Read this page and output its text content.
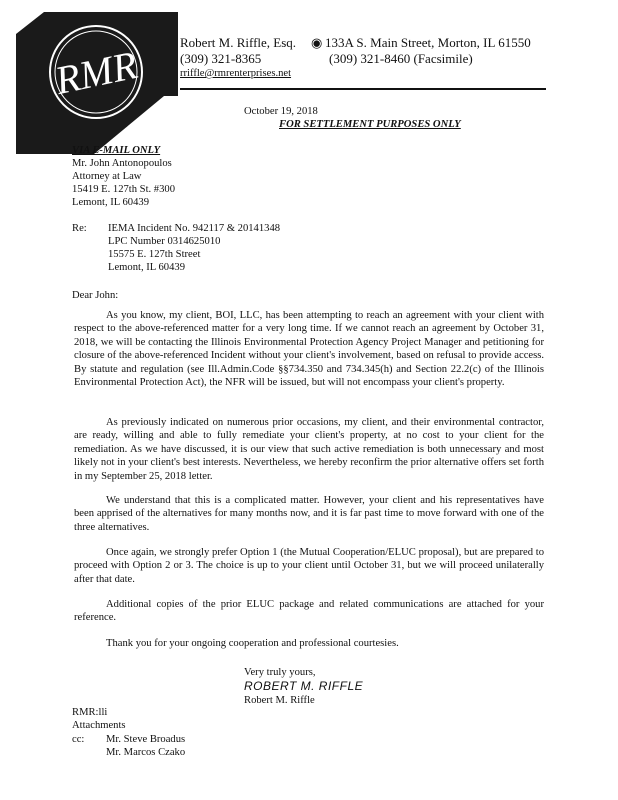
RMR	Robert M. Riffle, Esq. ◉ 133A S. Main Street, Morton, IL 61550
(309) 321-8365	(309) 321-8460 (Facsimile)
rriffle@rmrenterprises.net
October 19, 2018
FOR SETTLEMENT PURPOSES ONLY
VIA E-MAIL ONLY
Mr. John Antonopoulos
Attorney at Law
15419 E. 127th St. #300
Lemont, IL 60439
Re: IEMA Incident No. 942117 & 20141348
LPC Number 0314625010
15575 E. 127th Street
Lemont, IL 60439
Dear John:

As you know, my client, BOI, LLC, has been attempting to reach an agreement with your client with respect to the above-referenced matter for a very long time. If we cannot reach an agreement by October 31, 2018, we will be contacting the Illinois Environmental Protection Agency Project Manager and petitioning for closure of the above-referenced Incident without your client's involvement, based on refusal to provide access. By statute and regulation (see Ill.Admin.Code §§734.350 and 734.345(h) and Section 22.2(c) of the Illinois Environmental Protection Act), the NFR will be issued, but will not encompass your client's property.

As previously indicated on numerous prior occasions, my client, and their environmental contractor, are ready, willing and able to fully remediate your client's property, at no cost to your client for the remediation. As we have discussed, it is our view that such active remediation is both unnecessary and most likely not in your client's best interests. Nevertheless, we hereby reconfirm the prior alternative offers set forth in my September 25, 2018 letter.

We understand that this is a complicated matter. However, your client and his representatives have been apprised of the alternatives for many months now, and it is far past time to move forward with one of the three alternatives.

Once again, we strongly prefer Option 1 (the Mutual Cooperation/ELUC proposal), but are prepared to proceed with Option 2 or 3. The choice is up to your client until October 31, but we will proceed unilaterally after that date.

Additional copies of the prior ELUC package and related communications are attached for your reference.

Thank you for your ongoing cooperation and professional courtesies.

Very truly yours,
ROBERT M. RIFFLE
Robert M. Riffle
RMR:lli
Attachments
cc: Mr. Steve Broadus
Mr. Marcos Czako
